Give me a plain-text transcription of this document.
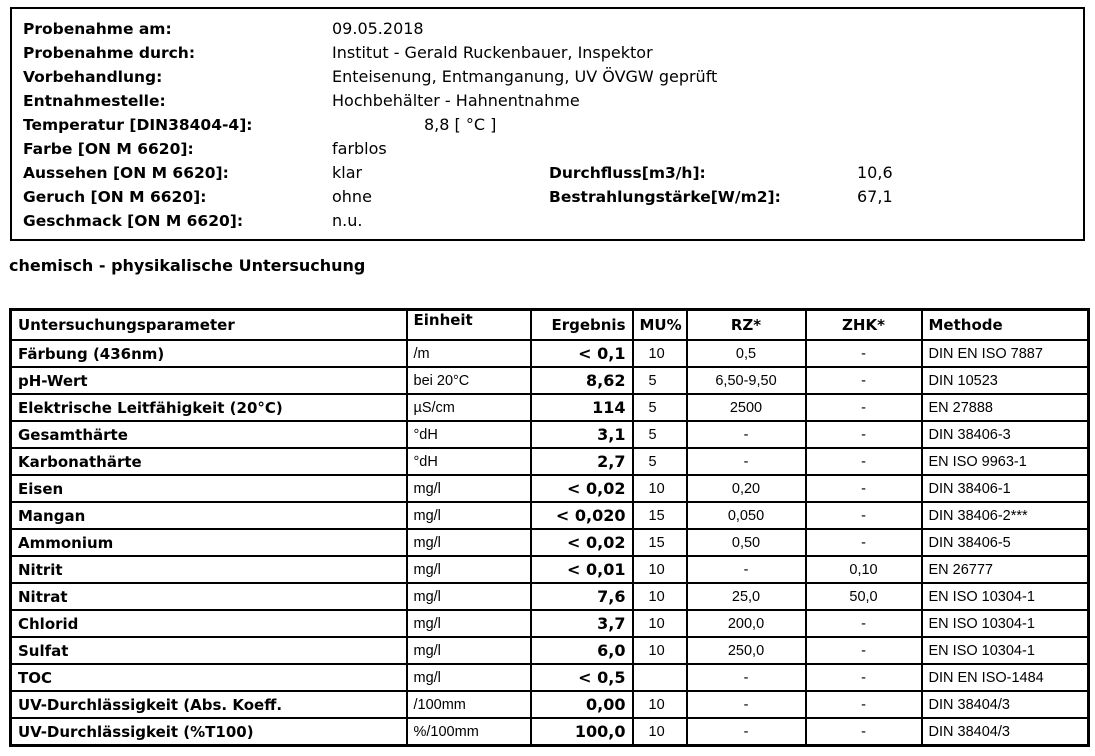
Probenahme am:	09.05.2018
Probenahme durch:	Institut - Gerald Ruckenbauer, Inspektor
Vorbehandlung:	Enteisenung, Entmanganung, UV ÖVGW geprüft
Entnahmestelle:	Hochbehälter - Hahnentnahme
Temperatur [DIN38404-4]:	8,8 [ °C ]
Farbe [ON M 6620]:	farblos
Aussehen [ON M 6620]:	klar	Durchfluss[m3/h]:	10,6
Geruch [ON M 6620]:	ohne	Bestrahlungstärke[W/m2]:	67,1
Geschmack [ON M 6620]:	n.u.
chemisch - physikalische Untersuchung
Untersuchungsparameter	Einheit	Ergebnis	MU%	RZ*	ZHK*	Methode
Färbung (436nm)	/m	< 0,1	10	0,5	-	DIN EN ISO 7887
pH-Wert	bei 20°C	8,62	5	6,50-9,50	-	DIN 10523
Elektrische Leitfähigkeit (20°C)	µS/cm	114	5	2500	-	EN 27888
Gesamthärte	°dH	3,1	5	-	-	DIN 38406-3
Karbonathärte	°dH	2,7	5	-	-	EN ISO 9963-1
Eisen	mg/l	< 0,02	10	0,20	-	DIN 38406-1
Mangan	mg/l	< 0,020	15	0,050	-	DIN 38406-2***
Ammonium	mg/l	< 0,02	15	0,50	-	DIN 38406-5
Nitrit	mg/l	< 0,01	10	-	0,10	EN 26777
Nitrat	mg/l	7,6	10	25,0	50,0	EN ISO 10304-1
Chlorid	mg/l	3,7	10	200,0	-	EN ISO 10304-1
Sulfat	mg/l	6,0	10	250,0	-	EN ISO 10304-1
TOC	mg/l	< 0,5		-	-	DIN EN ISO-1484
UV-Durchlässigkeit (Abs. Koeff.	/100mm	0,00	10	-	-	DIN 38404/3
UV-Durchlässigkeit (%T100)	%/100mm	100,0	10	-	-	DIN 38404/3
